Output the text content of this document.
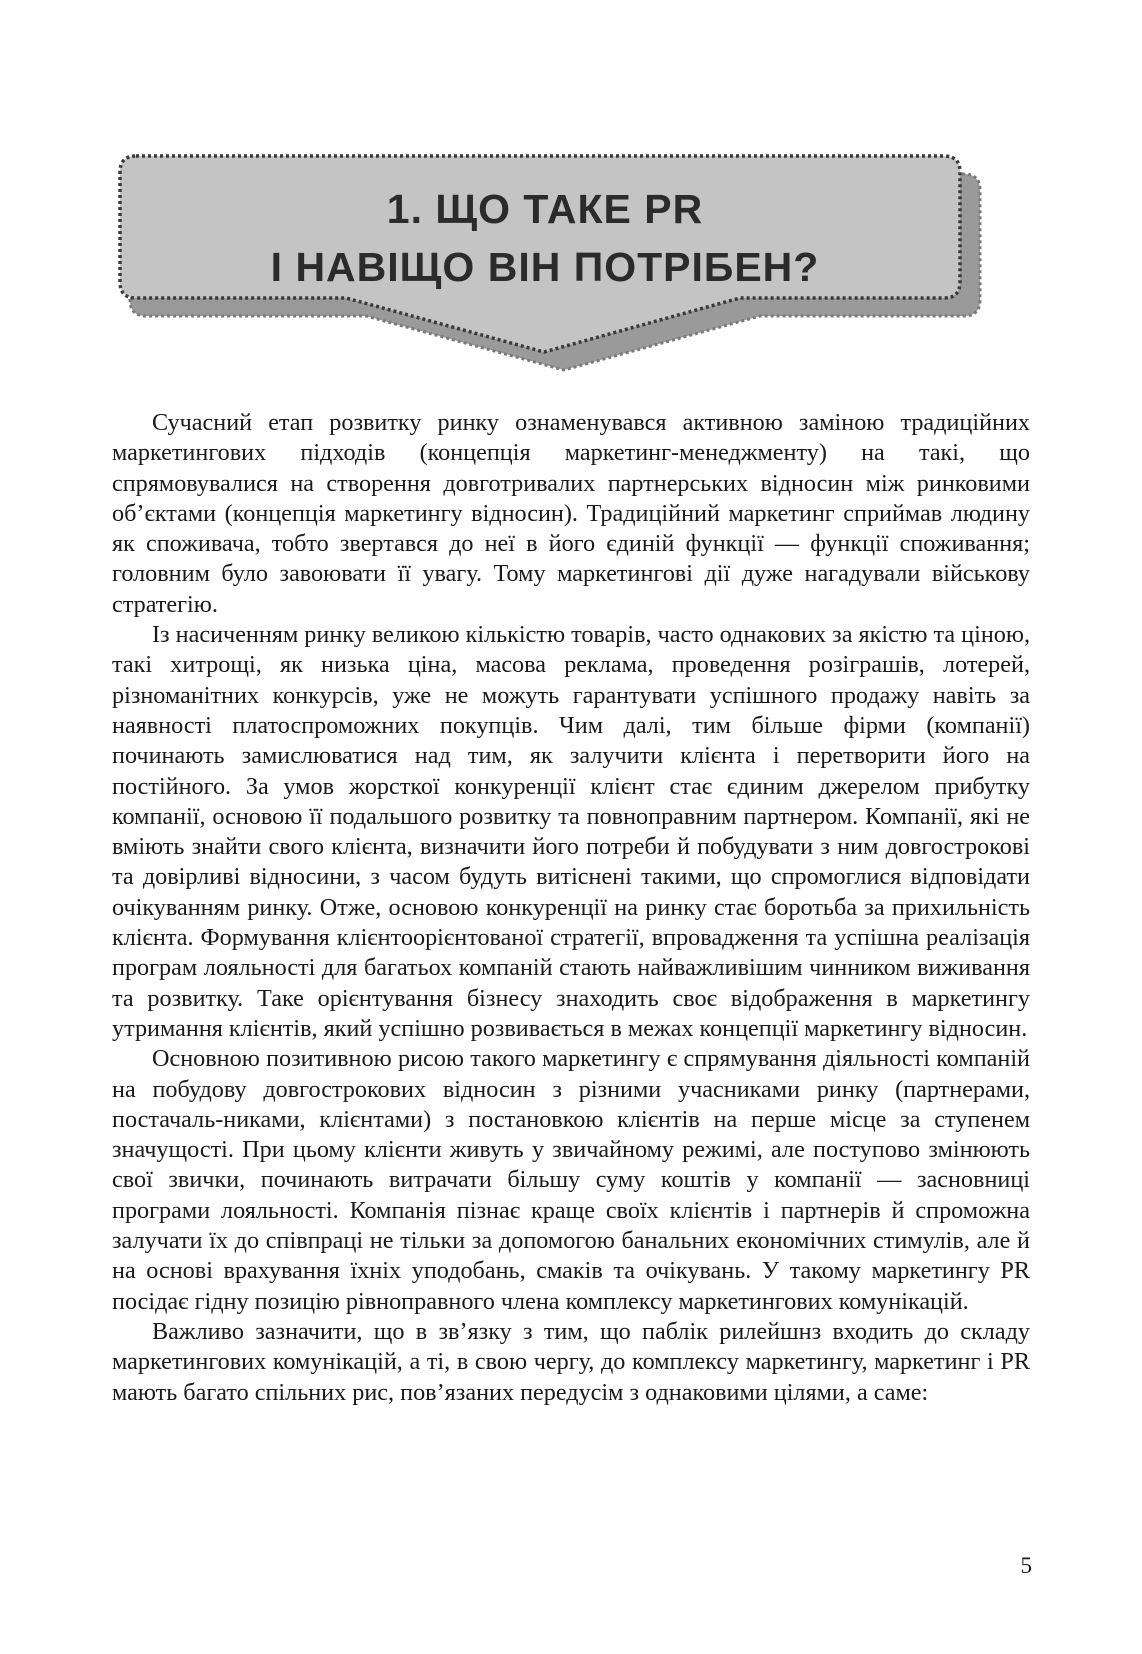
1. ЩО ТАКЕ PR
І НАВІЩО ВІН ПОТРІБЕН?

Сучасний етап розвитку ринку ознаменувався активною заміною традиційних маркетингових підходів (концепція маркетинг-менеджменту) на такі, що спрямовувалися на створення довготривалих партнерських відносин між ринковими об’єктами (концепція маркетингу відносин). Традиційний маркетинг сприймав людину як споживача, тобто звертався до неї в його єдиній функції — функції споживання; головним було завоювати її увагу. Тому маркетингові дії дуже нагадували військову стратегію.

Із насиченням ринку великою кількістю товарів, часто однакових за якістю та ціною, такі хитрощі, як низька ціна, масова реклама, проведення розіграшів, лотерей, різноманітних конкурсів, уже не можуть гарантувати успішного продажу навіть за наявності платоспроможних покупців. Чим далі, тим більше фірми (компанії) починають замислюватися над тим, як залучити клієнта і перетворити його на постійного. За умов жорсткої конкуренції клієнт стає єдиним джерелом прибутку компанії, основою її подальшого розвитку та повноправним партнером. Компанії, які не вміють знайти свого клієнта, визначити його потреби й побудувати з ним довгострокові та довірливі відносини, з часом будуть витіснені такими, що спромоглися відповідати очікуванням ринку. Отже, основою конкуренції на ринку стає боротьба за прихильність клієнта. Формування клієнтоорієнтованої стратегії, впровадження та успішна реалізація програм лояльності для багатьох компаній стають найважливішим чинником виживання та розвитку. Таке орієнтування бізнесу знаходить своє відображення в маркетингу утримання клієнтів, який успішно розвивається в межах концепції маркетингу відносин.

Основною позитивною рисою такого маркетингу є спрямування діяльності компаній на побудову довгострокових відносин з різними учасниками ринку (партнерами, постачаль-никами, клієнтами) з постановкою клієнтів на перше місце за ступенем значущості. При цьому клієнти живуть у звичайному режимі, але поступово змінюють свої звички, починають витрачати більшу суму коштів у компанії — засновниці програми лояльності. Компанія пізнає краще своїх клієнтів і партнерів й спроможна залучати їх до співпраці не тільки за допомогою банальних економічних стимулів, але й на основі врахування їхніх уподобань, смаків та очікувань. У такому маркетингу PR посідає гідну позицію рівноправного члена комплексу маркетингових комунікацій.

Важливо зазначити, що в зв’язку з тим, що паблік рилейшнз входить до складу маркетингових комунікацій, а ті, в свою чергу, до комплексу маркетингу, маркетинг і PR мають багато спільних рис, пов’язаних передусім з однаковими цілями, а саме:

5
